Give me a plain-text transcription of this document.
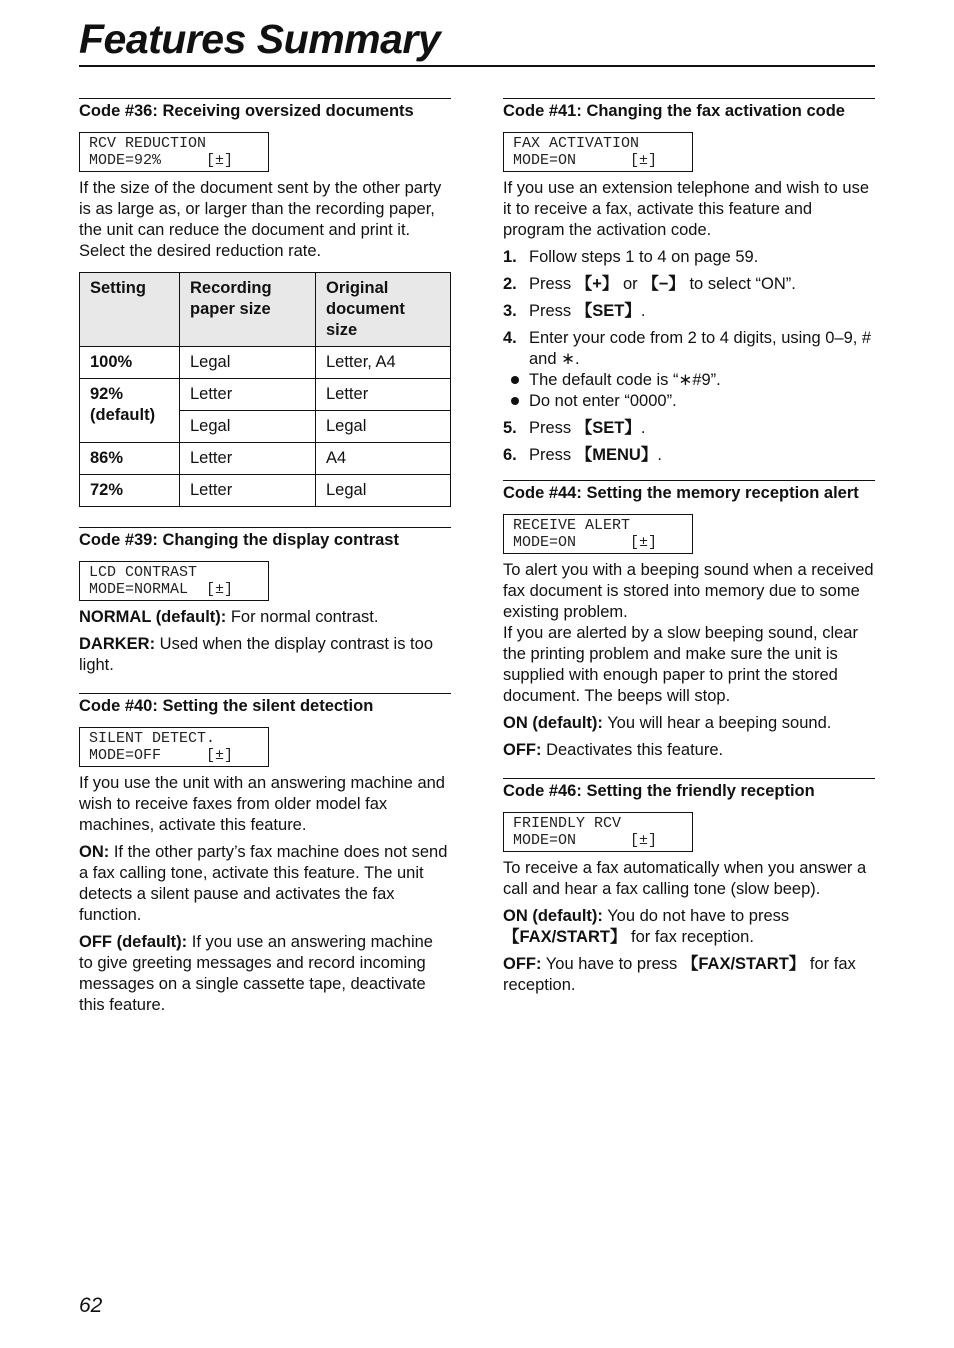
Features Summary
Code #36: Receiving oversized documents
RCV REDUCTION
MODE=92%     [±]
If the size of the document sent by the other party is as large as, or larger than the recording paper, the unit can reduce the document and print it. Select the desired reduction rate.
Setting	Recording paper size	Original document size
100%	Legal	Letter, A4
92% (default)	Letter	Letter
	Legal	Legal
86%	Letter	A4
72%	Letter	Legal
Code #39: Changing the display contrast
LCD CONTRAST
MODE=NORMAL  [±]
NORMAL (default): For normal contrast.
DARKER: Used when the display contrast is too light.
Code #40: Setting the silent detection
SILENT DETECT.
MODE=OFF     [±]
If you use the unit with an answering machine and wish to receive faxes from older model fax machines, activate this feature.
ON: If the other party’s fax machine does not send a fax calling tone, activate this feature. The unit detects a silent pause and activates the fax function.
OFF (default): If you use an answering machine to give greeting messages and record incoming messages on a single cassette tape, deactivate this feature.
Code #41: Changing the fax activation code
FAX ACTIVATION
MODE=ON      [±]
If you use an extension telephone and wish to use it to receive a fax, activate this feature and program the activation code.
1. Follow steps 1 to 4 on page 59.
2. Press 【+】 or 【−】 to select “ON”.
3. Press 【SET】.
4. Enter your code from 2 to 4 digits, using 0–9, # and ∗.
The default code is “∗#9”.
Do not enter “0000”.
5. Press 【SET】.
6. Press 【MENU】.
Code #44: Setting the memory reception alert
RECEIVE ALERT
MODE=ON      [±]
To alert you with a beeping sound when a received fax document is stored into memory due to some existing problem.
If you are alerted by a slow beeping sound, clear the printing problem and make sure the unit is supplied with enough paper to print the stored document. The beeps will stop.
ON (default): You will hear a beeping sound.
OFF: Deactivates this feature.
Code #46: Setting the friendly reception
FRIENDLY RCV
MODE=ON      [±]
To receive a fax automatically when you answer a call and hear a fax calling tone (slow beep).
ON (default): You do not have to press 【FAX/START】 for fax reception.
OFF: You have to press 【FAX/START】 for fax reception.
62
